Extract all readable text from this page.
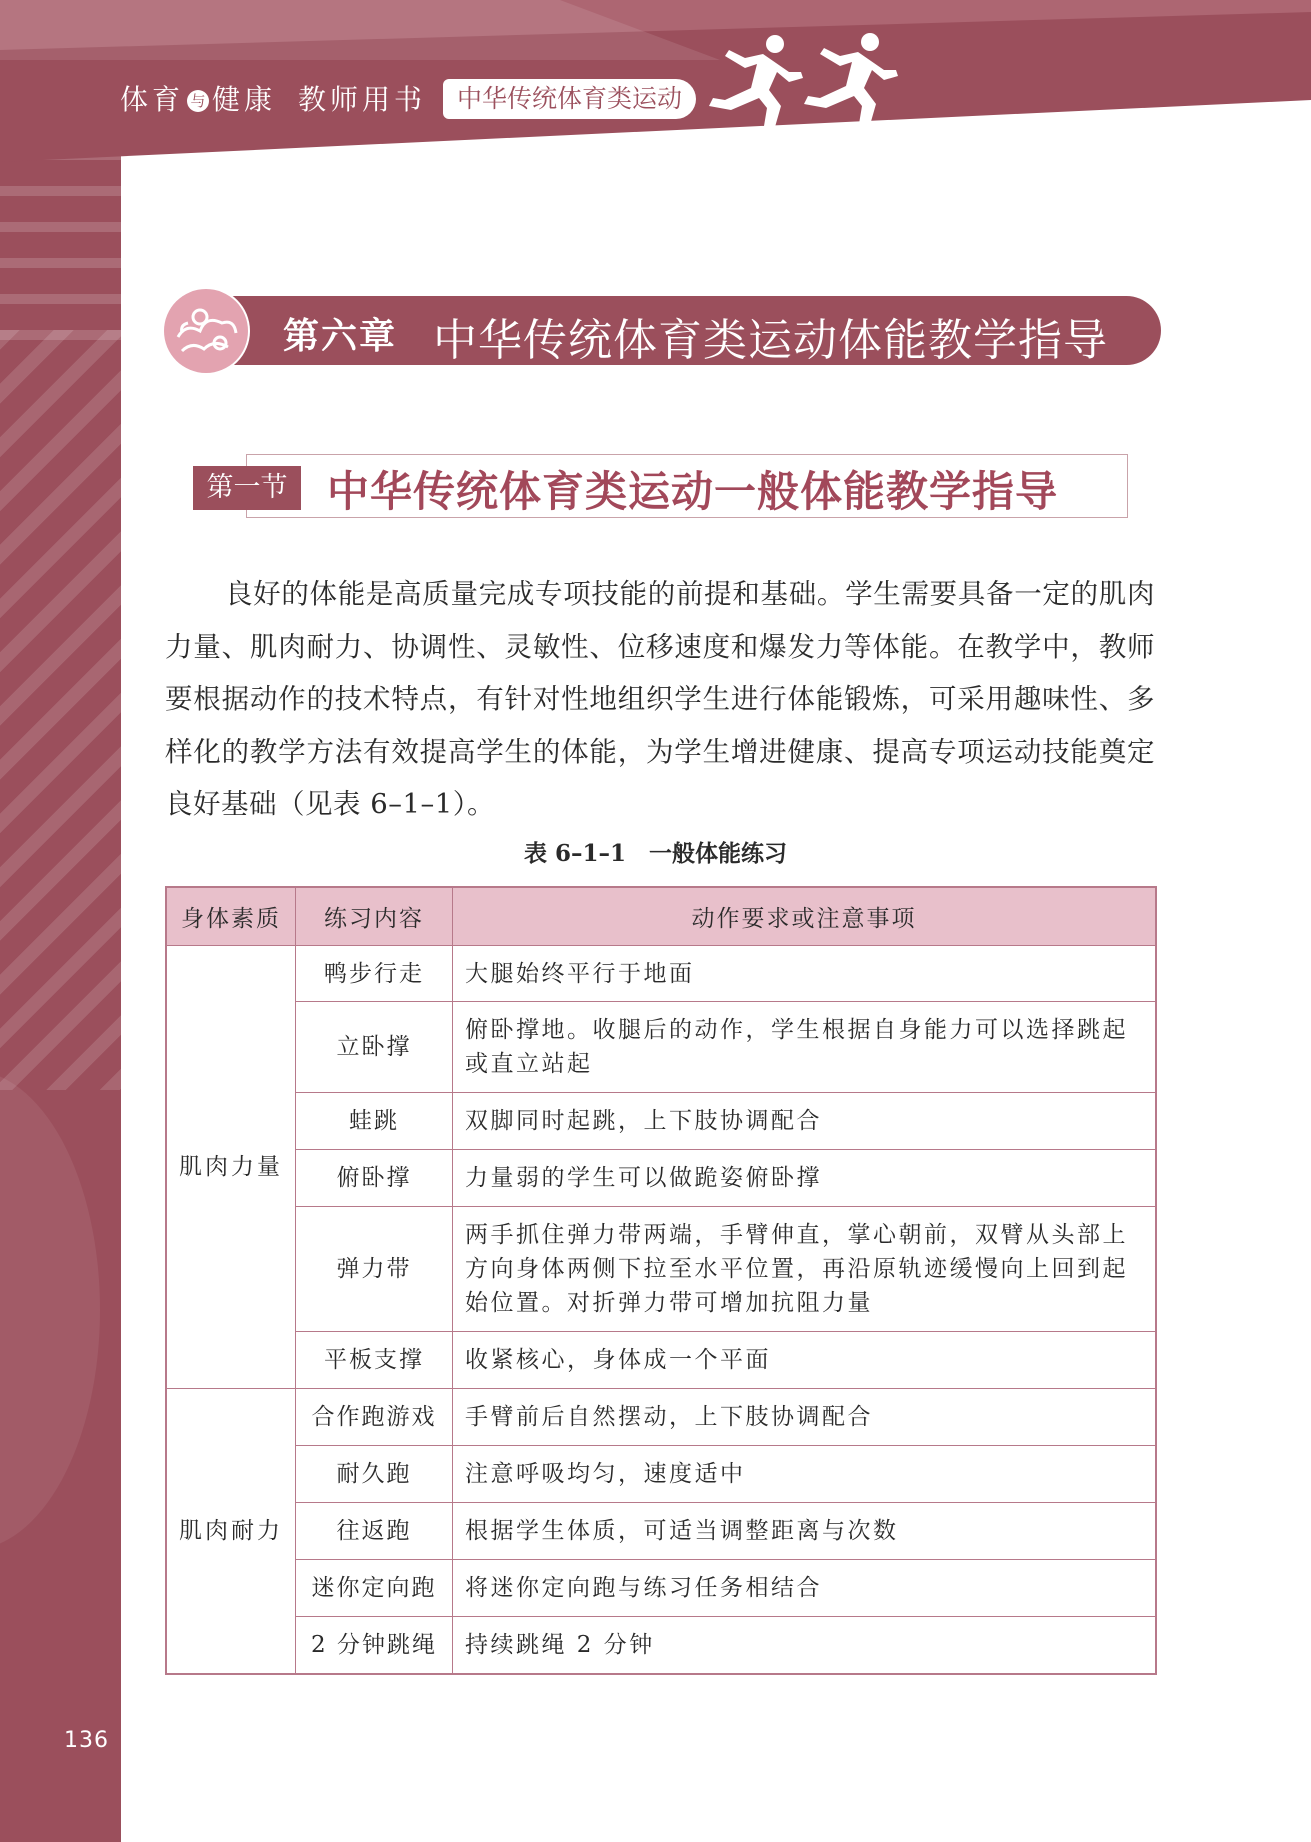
体育 与 健康 教师用书	中华传统体育类运动
第六章 中华传统体育类运动体能教学指导
第一节 中华传统体育类运动一般体能教学指导
良好的体能是高质量完成专项技能的前提和基础。学生需要具备一定的肌肉力量、肌肉耐力、协调性、灵敏性、位移速度和爆发力等体能。在教学中，教师要根据动作的技术特点，有针对性地组织学生进行体能锻炼，可采用趣味性、多样化的教学方法有效提高学生的体能，为学生增进健康、提高专项运动技能奠定良好基础（见表 6–1–1）。
表 6–1–1　一般体能练习
身体素质	练习内容	动作要求或注意事项
肌肉力量	鸭步行走	大腿始终平行于地面
	立卧撑	俯卧撑地。收腿后的动作，学生根据自身能力可以选择跳起或直立站起
	蛙跳	双脚同时起跳，上下肢协调配合
	俯卧撑	力量弱的学生可以做跪姿俯卧撑
	弹力带	两手抓住弹力带两端，手臂伸直，掌心朝前，双臂从头部上方向身体两侧下拉至水平位置，再沿原轨迹缓慢向上回到起始位置。对折弹力带可增加抗阻力量
	平板支撑	收紧核心，身体成一个平面
肌肉耐力	合作跑游戏	手臂前后自然摆动，上下肢协调配合
	耐久跑	注意呼吸均匀，速度适中
	往返跑	根据学生体质，可适当调整距离与次数
	迷你定向跑	将迷你定向跑与练习任务相结合
	2 分钟跳绳	持续跳绳 2 分钟
136
